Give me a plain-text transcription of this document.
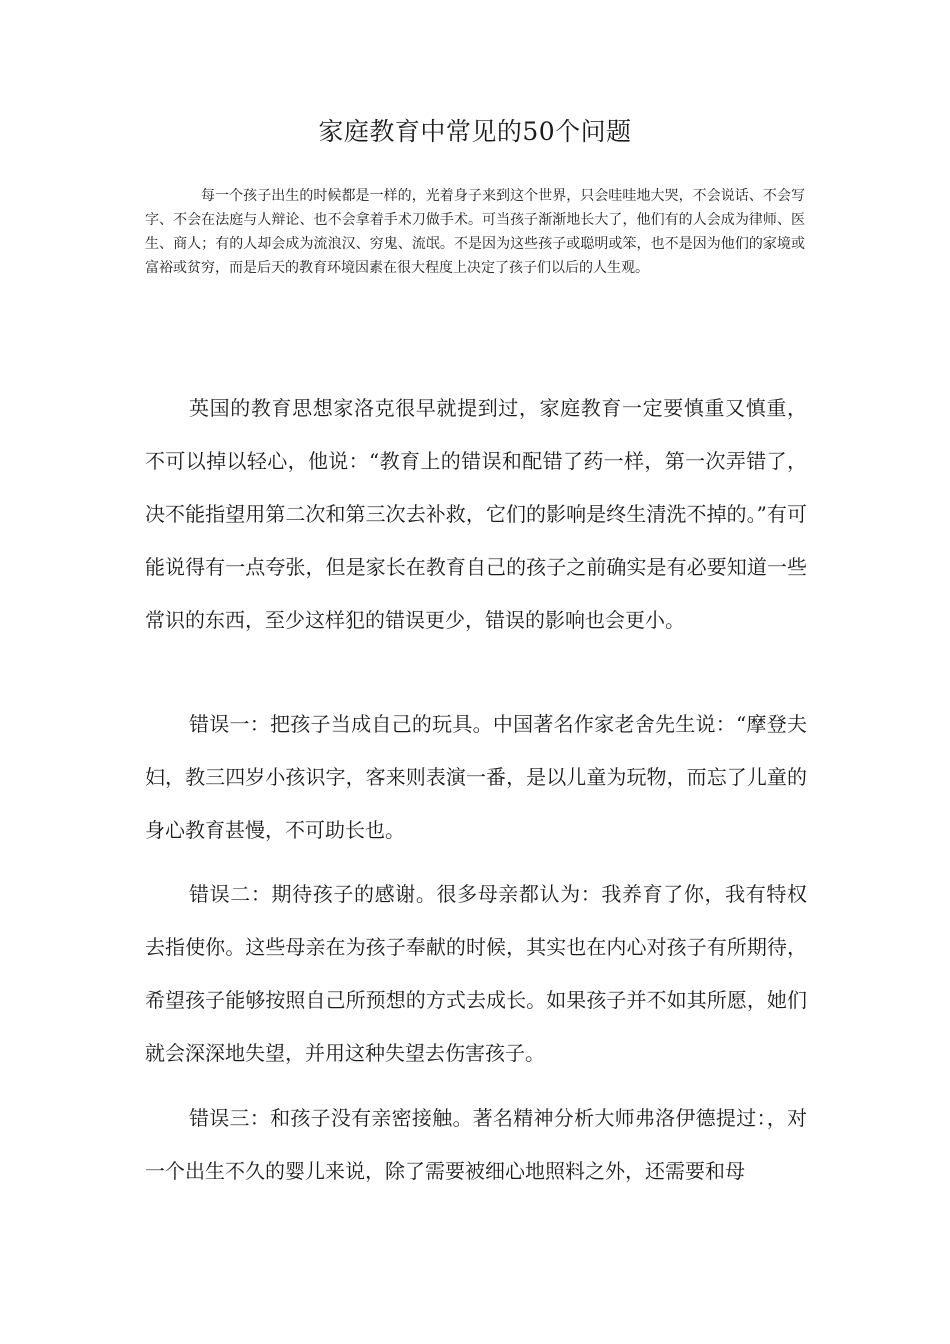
家庭教育中常见的50个问题

每一个孩子出生的时候都是一样的，光着身子来到这个世界，只会哇哇地大哭，不会说话、不会写字、不会在法庭与人辩论、也不会拿着手术刀做手术。可当孩子渐渐地长大了，他们有的人会成为律师、医生、商人；有的人却会成为流浪汉、穷鬼、流氓。不是因为这些孩子或聪明或笨，也不是因为他们的家境或富裕或贫穷，而是后天的教育环境因素在很大程度上决定了孩子们以后的人生观。

英国的教育思想家洛克很早就提到过，家庭教育一定要慎重又慎重，不可以掉以轻心，他说：“教育上的错误和配错了药一样，第一次弄错了，决不能指望用第二次和第三次去补救，它们的影响是终生清洗不掉的。”有可能说得有一点夸张，但是家长在教育自己的孩子之前确实是有必要知道一些常识的东西，至少这样犯的错误更少，错误的影响也会更小。

错误一：把孩子当成自己的玩具。中国著名作家老舍先生说：“摩登夫妇，教三四岁小孩识字，客来则表演一番，是以儿童为玩物，而忘了儿童的身心教育甚慢，不可助长也。

错误二：期待孩子的感谢。很多母亲都认为：我养育了你，我有特权去指使你。这些母亲在为孩子奉献的时候，其实也在内心对孩子有所期待，希望孩子能够按照自己所预想的方式去成长。如果孩子并不如其所愿，她们就会深深地失望，并用这种失望去伤害孩子。

错误三：和孩子没有亲密接触。著名精神分析大师弗洛伊德提过：，对一个出生不久的婴儿来说，除了需要被细心地照料之外，还需要和母
